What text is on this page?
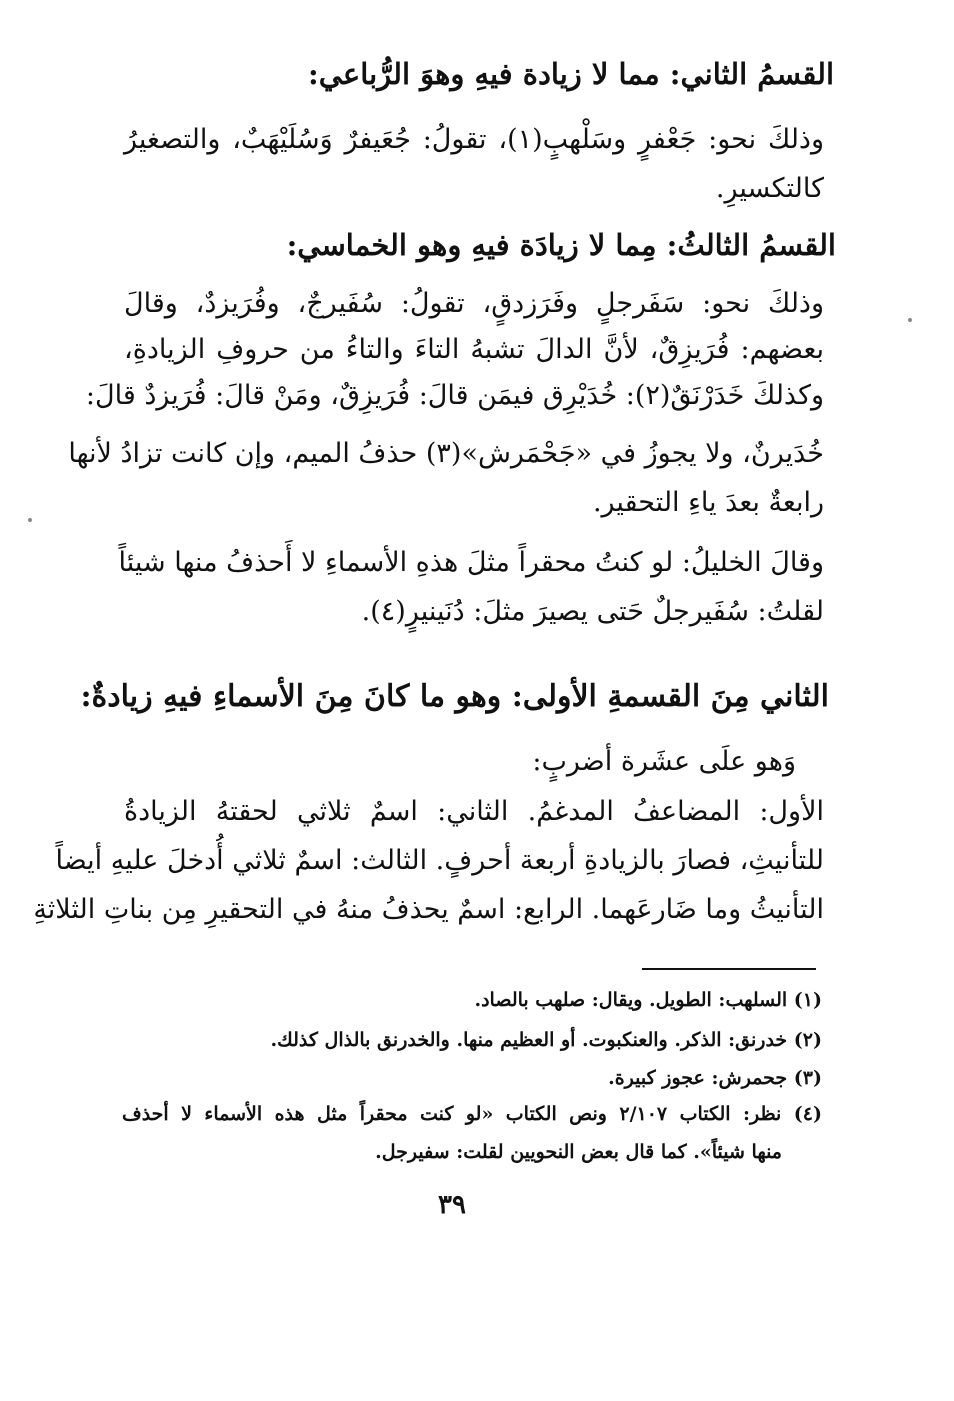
القسمُ الثاني: مما لا زيادة فيهِ وهوَ الرُّباعي:
وذلكَ نحو: جَعْفرٍ وسَلْهبٍ(١)، تقولُ: جُعَيفرٌ وَسُلَيْهَبٌ، والتصغيرُ
كالتكسيرِ.
القسمُ الثالثُ: مِما لا زيادَة فيهِ وهو الخماسي:
وذلكَ نحو: سَفَرجلٍ وفَرَزدقٍ، تقولُ: سُفَيرجٌ، وفُرَيزدٌ، وقالَ
بعضهم: فُرَيزِقٌ، لأنَّ الدالَ تشبهُ التاءَ والتاءُ من حروفِ الزيادةِ،
وكذلكَ خَدَرْنَقٌ(٢): خُدَيْرِق فيمَن قالَ: فُرَيزِقٌ، ومَنْ قالَ: فُرَيزدٌ قالَ:
خُدَيرنٌ، ولا يجوزُ في «جَحْمَرش»(٣) حذفُ الميم، وإن كانت تزادُ لأنها
رابعةٌ بعدَ ياءِ التحقير.
وقالَ الخليلُ: لو كنتُ محقراً مثلَ هذهِ الأسماءِ لا أَحذفُ منها شيئاً
لقلتُ: سُفَيرجلٌ حَتى يصيرَ مثلَ: دُنَينيرٍ(٤).
الثاني مِنَ القسمةِ الأولى: وهو ما كانَ مِنَ الأسماءِ فيهِ زيادةٌ:
وَهو علَى عشَرة أضربٍ:
الأول: المضاعفُ المدغمُ. الثاني: اسمٌ ثلاثي لحقتهُ الزيادةُ
للتأنيثِ، فصارَ بالزيادةِ أربعة أحرفٍ. الثالث: اسمٌ ثلاثي أُدخلَ عليهِ أيضاً
التأنيثُ وما ضَارعَهما. الرابع: اسمٌ يحذفُ منهُ في التحقيرِ مِن بناتِ الثلاثةِ
(١) السلهب: الطويل. ويقال: صلهب بالصاد.
(٢) خدرنق: الذكر. والعنكبوت. أو العظيم منها. والخدرنق بالذال كذلك.
(٣) جحمرش: عجوز كبيرة.
(٤) نظر: الكتاب ٢/١٠٧ ونص الكتاب «لو كنت محقراً مثل هذه الأسماء لا أحذف
منها شيئاً». كما قال بعض النحويين لقلت: سفيرجل.
٣٩
